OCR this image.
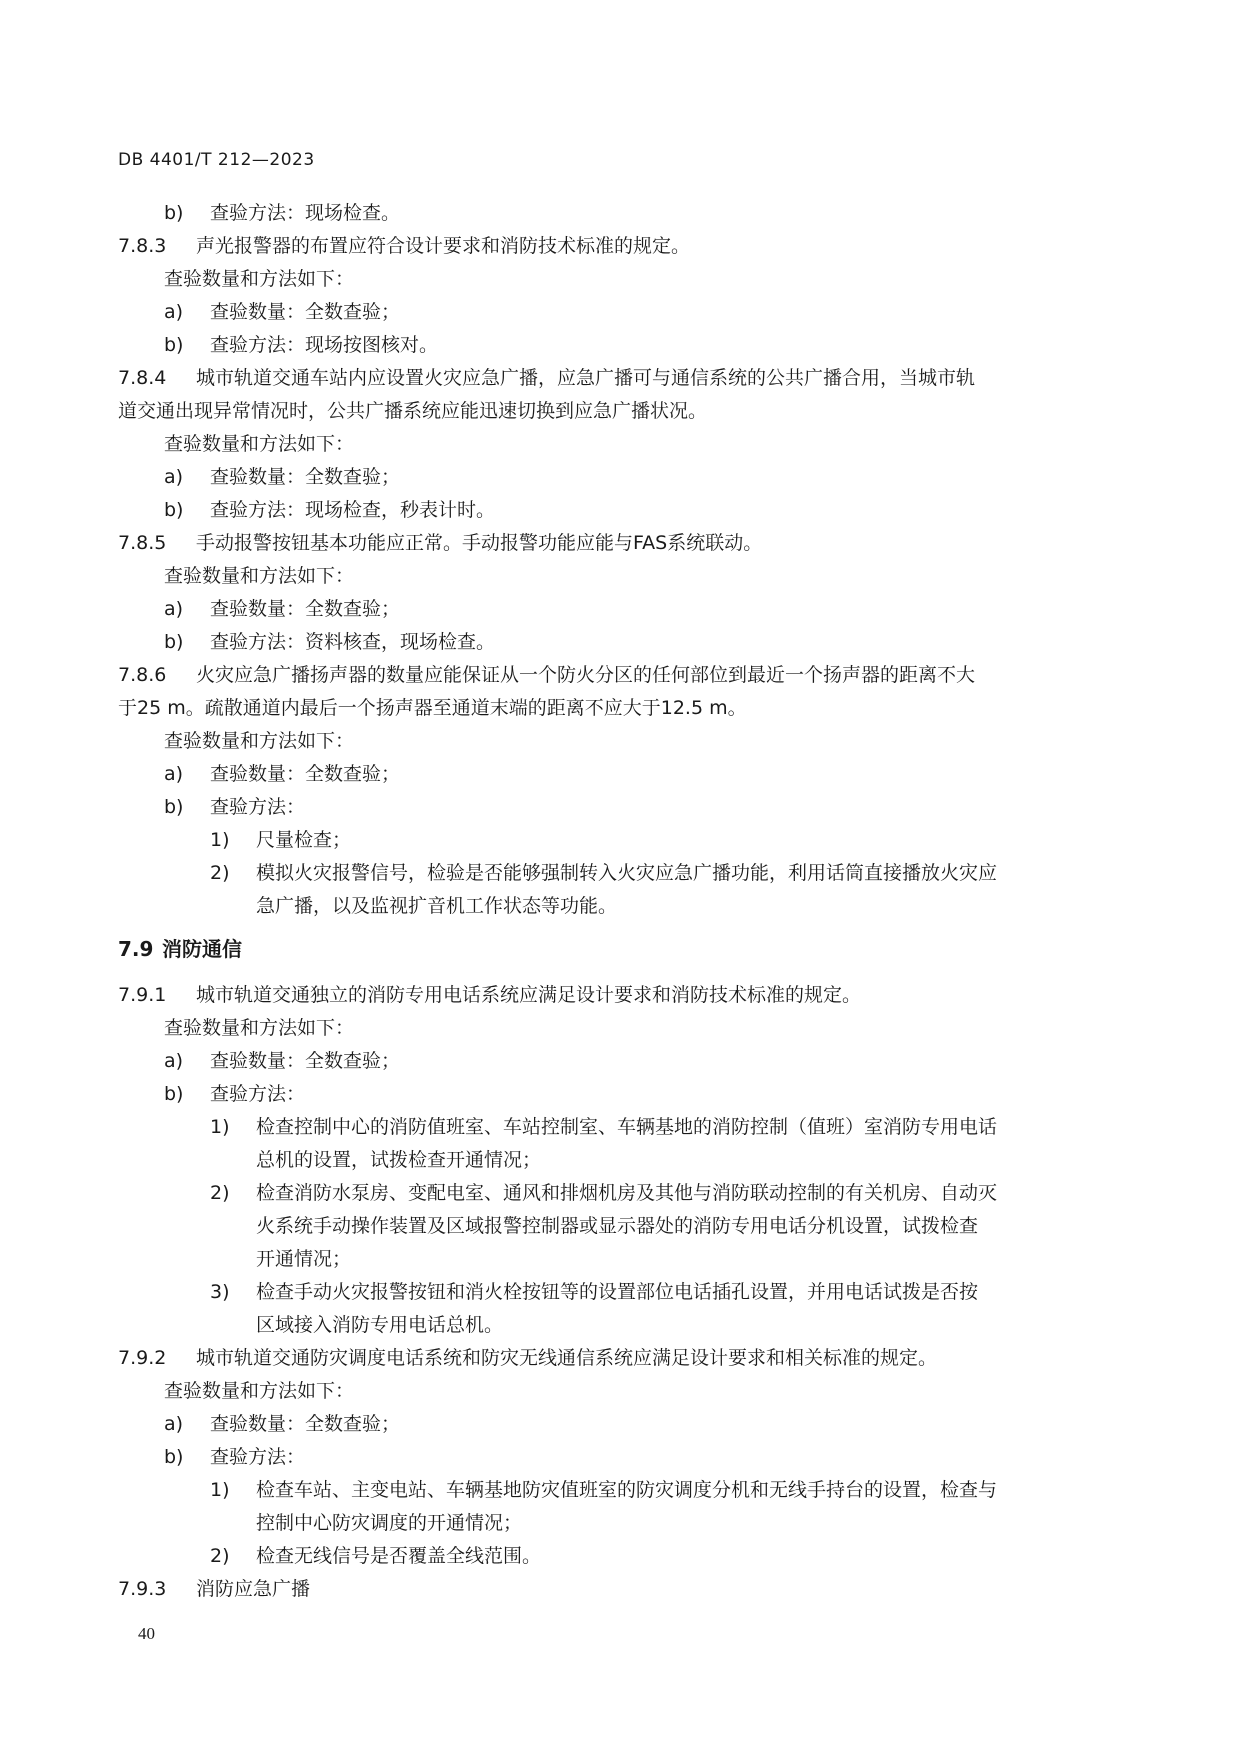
DB 4401/T 212—2023
b) 查验方法：现场检查。
7.8.3 声光报警器的布置应符合设计要求和消防技术标准的规定。
查验数量和方法如下：
a) 查验数量：全数查验；
b) 查验方法：现场按图核对。
7.8.4 城市轨道交通车站内应设置火灾应急广播，应急广播可与通信系统的公共广播合用，当城市轨
道交通出现异常情况时，公共广播系统应能迅速切换到应急广播状况。
查验数量和方法如下：
a) 查验数量：全数查验；
b) 查验方法：现场检查，秒表计时。
7.8.5 手动报警按钮基本功能应正常。手动报警功能应能与FAS系统联动。
查验数量和方法如下：
a) 查验数量：全数查验；
b) 查验方法：资料核查，现场检查。
7.8.6 火灾应急广播扬声器的数量应能保证从一个防火分区的任何部位到最近一个扬声器的距离不大
于25 m。疏散通道内最后一个扬声器至通道末端的距离不应大于12.5 m。
查验数量和方法如下：
a) 查验数量：全数查验；
b) 查验方法：
1) 尺量检查；
2) 模拟火灾报警信号，检验是否能够强制转入火灾应急广播功能，利用话筒直接播放火灾应
急广播，以及监视扩音机工作状态等功能。
7.9 消防通信
7.9.1 城市轨道交通独立的消防专用电话系统应满足设计要求和消防技术标准的规定。
查验数量和方法如下：
a) 查验数量：全数查验；
b) 查验方法：
1) 检查控制中心的消防值班室、车站控制室、车辆基地的消防控制（值班）室消防专用电话
总机的设置，试拨检查开通情况；
2) 检查消防水泵房、变配电室、通风和排烟机房及其他与消防联动控制的有关机房、自动灭
火系统手动操作装置及区域报警控制器或显示器处的消防专用电话分机设置，试拨检查
开通情况；
3) 检查手动火灾报警按钮和消火栓按钮等的设置部位电话插孔设置，并用电话试拨是否按
区域接入消防专用电话总机。
7.9.2 城市轨道交通防灾调度电话系统和防灾无线通信系统应满足设计要求和相关标准的规定。
查验数量和方法如下：
a) 查验数量：全数查验；
b) 查验方法：
1) 检查车站、主变电站、车辆基地防灾值班室的防灾调度分机和无线手持台的设置，检查与
控制中心防灾调度的开通情况；
2) 检查无线信号是否覆盖全线范围。
7.9.3 消防应急广播
40
